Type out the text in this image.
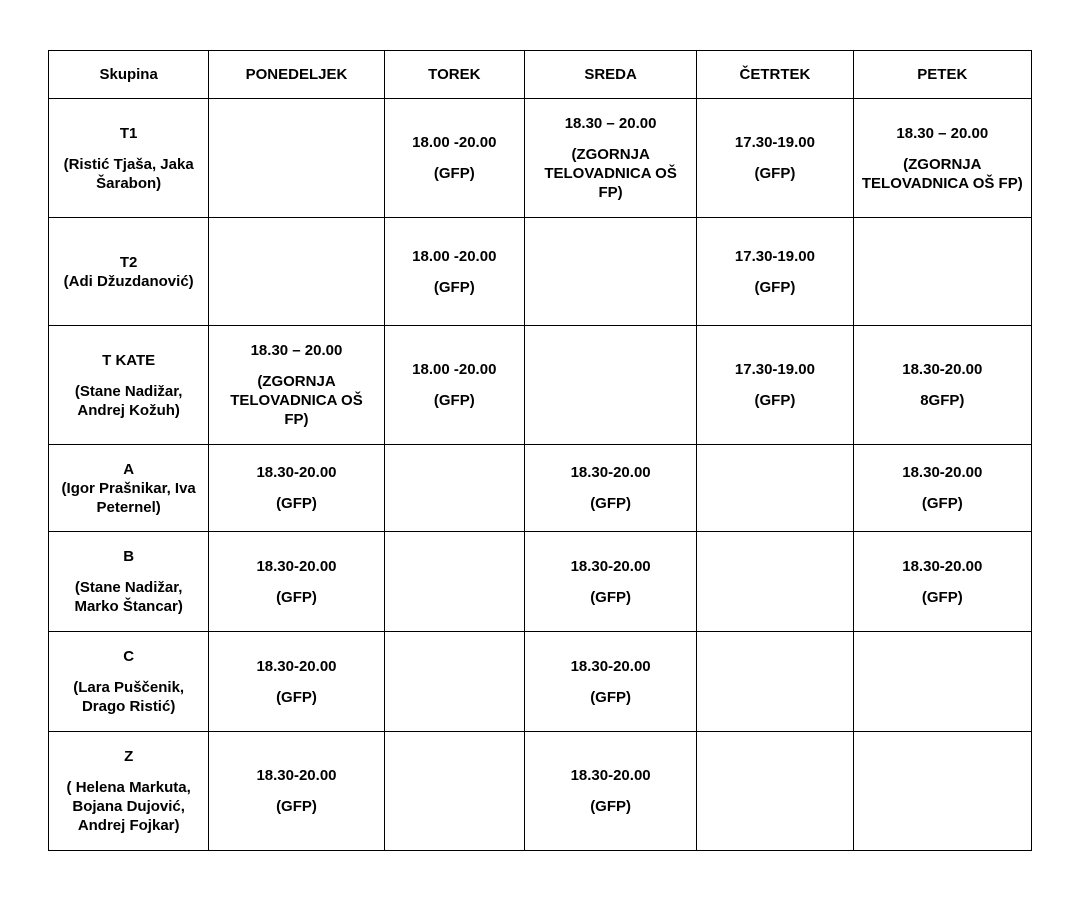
Skupina	PONEDELJEK	TOREK	SREDA	ČETRTEK	PETEK

T1
(Ristić Tjaša, Jaka
Šarabon)		18.00 -20.00
(GFP)	18.30 – 20.00
(ZGORNJA
TELOVADNICA OŠ
FP)	17.30-19.00
(GFP)	18.30 – 20.00
(ZGORNJA
TELOVADNICA OŠ FP)

T2
(Adi Džuzdanović)		18.00 -20.00
(GFP)		17.30-19.00
(GFP)	

T KATE
(Stane Nadižar,
Andrej Kožuh)	18.30 – 20.00
(ZGORNJA
TELOVADNICA OŠ
FP)	18.00 -20.00
(GFP)		17.30-19.00
(GFP)	18.30-20.00
8GFP)

A
(Igor Prašnikar, Iva
Peternel)	18.30-20.00
(GFP)		18.30-20.00
(GFP)		18.30-20.00
(GFP)

B
(Stane Nadižar,
Marko Štancar)	18.30-20.00
(GFP)		18.30-20.00
(GFP)		18.30-20.00
(GFP)

C
(Lara Puščenik,
Drago Ristić)	18.30-20.00
(GFP)		18.30-20.00
(GFP)		

Z
( Helena Markuta,
Bojana Dujović,
Andrej Fojkar)	18.30-20.00
(GFP)		18.30-20.00
(GFP)		
